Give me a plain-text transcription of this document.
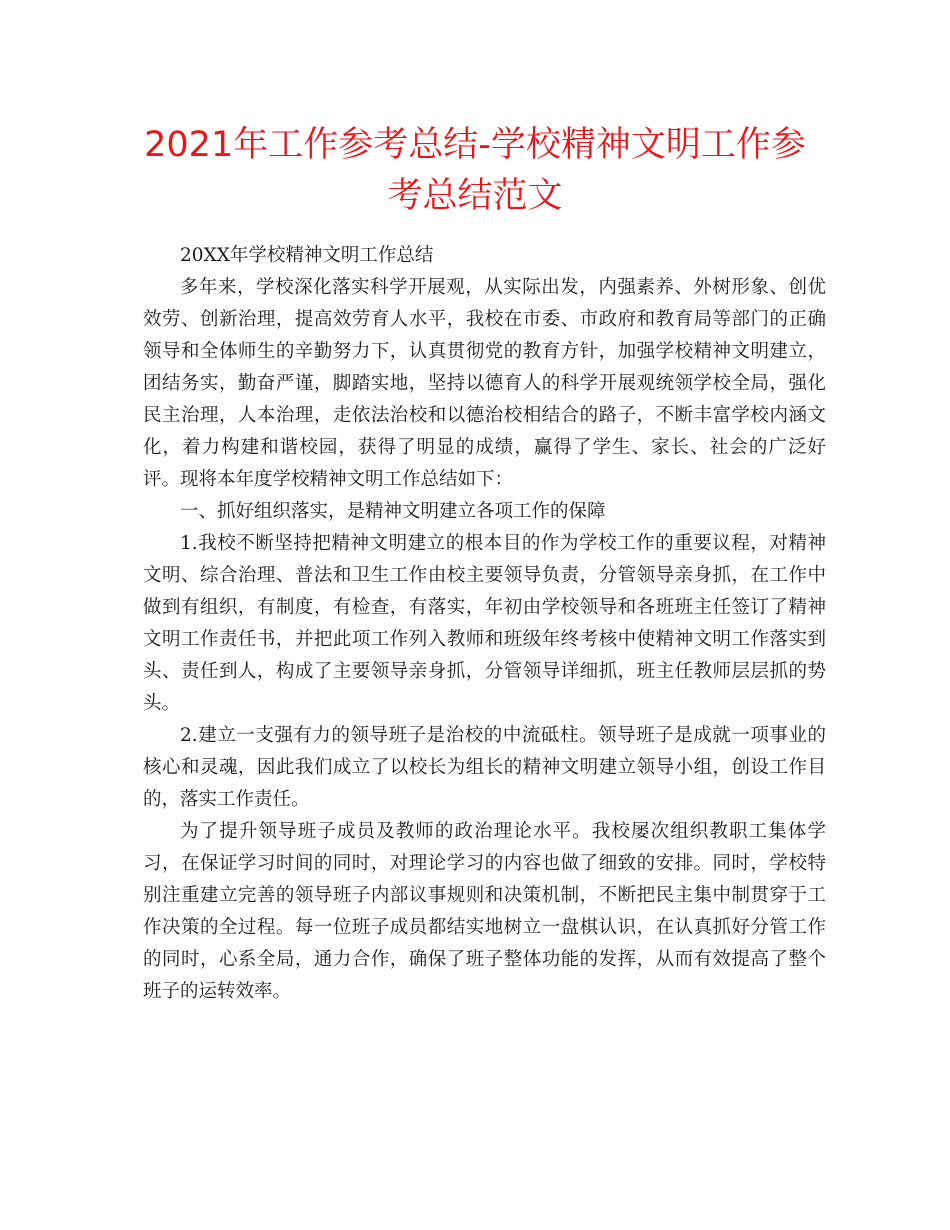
2021年工作参考总结-学校精神文明工作参考总结范文

20XX年学校精神文明工作总结

多年来，学校深化落实科学开展观，从实际出发，内强素养、外树形象、创优效劳、创新治理，提高效劳育人水平，我校在市委、市政府和教育局等部门的正确领导和全体师生的辛勤努力下，认真贯彻党的教育方针，加强学校精神文明建立，团结务实，勤奋严谨，脚踏实地，坚持以德育人的科学开展观统领学校全局，强化民主治理，人本治理，走依法治校和以德治校相结合的路子，不断丰富学校内涵文化，着力构建和谐校园，获得了明显的成绩，赢得了学生、家长、社会的广泛好评。现将本年度学校精神文明工作总结如下：

一、抓好组织落实，是精神文明建立各项工作的保障

1.我校不断坚持把精神文明建立的根本目的作为学校工作的重要议程，对精神文明、综合治理、普法和卫生工作由校主要领导负责，分管领导亲身抓，在工作中做到有组织，有制度，有检查，有落实，年初由学校领导和各班班主任签订了精神文明工作责任书，并把此项工作列入教师和班级年终考核中使精神文明工作落实到头、责任到人，构成了主要领导亲身抓，分管领导详细抓，班主任教师层层抓的势头。

2.建立一支强有力的领导班子是治校的中流砥柱。领导班子是成就一项事业的核心和灵魂，因此我们成立了以校长为组长的精神文明建立领导小组，创设工作目的，落实工作责任。

为了提升领导班子成员及教师的政治理论水平。我校屡次组织教职工集体学习，在保证学习时间的同时，对理论学习的内容也做了细致的安排。同时，学校特别注重建立完善的领导班子内部议事规则和决策机制，不断把民主集中制贯穿于工作决策的全过程。每一位班子成员都结实地树立一盘棋认识，在认真抓好分管工作的同时，心系全局，通力合作，确保了班子整体功能的发挥，从而有效提高了整个班子的运转效率。
